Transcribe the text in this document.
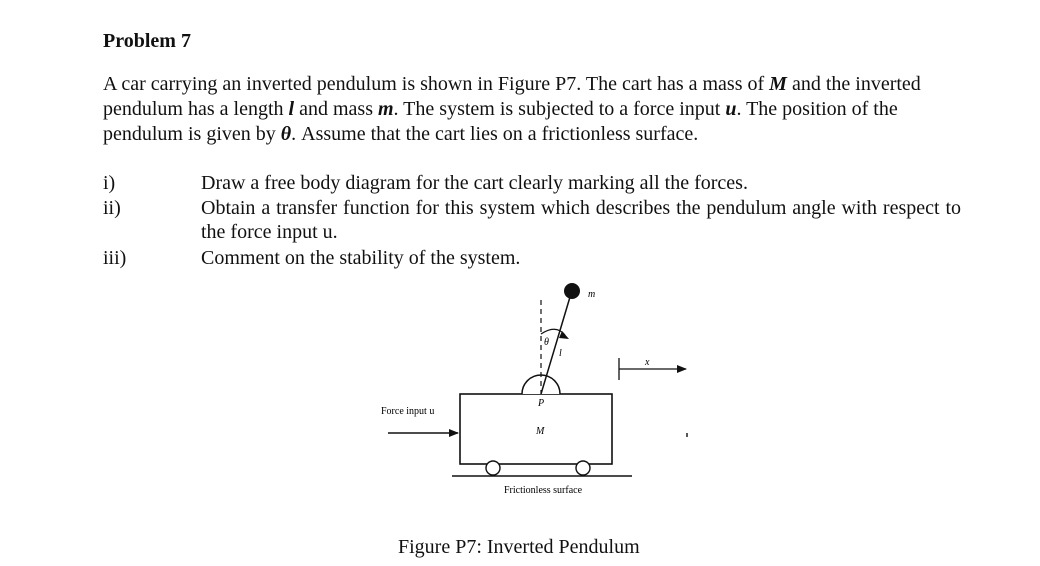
Problem 7

A car carrying an inverted pendulum is shown in Figure P7. The cart has a mass of M and the inverted pendulum has a length l and mass m. The system is subjected to a force input u. The position of the pendulum is given by θ. Assume that the cart lies on a frictionless surface.

i)	Draw a free body diagram for the cart clearly marking all the forces.
ii)	Obtain a transfer function for this system which describes the pendulum angle with respect to the force input u.
iii)	Comment on the stability of the system.
m
θ
l
P
M
Force input u
x
Frictionless surface

Figure P7: Inverted Pendulum
